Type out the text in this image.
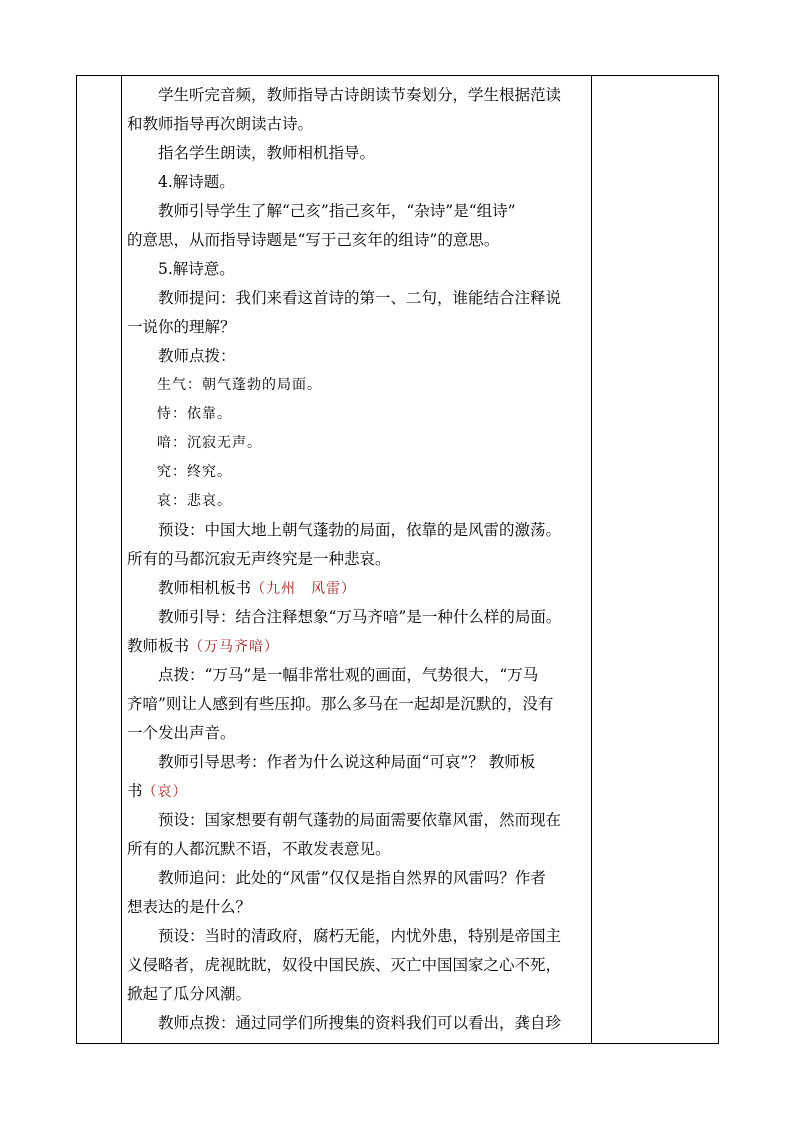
　　学生听完音频，教师指导古诗朗读节奏划分，学生根据范读
和教师指导再次朗读古诗。
　　指名学生朗读，教师相机指导。
　　4.解诗题。
　　教师引导学生了解“己亥”指己亥年，“杂诗”是“组诗”
的意思，从而指导诗题是“写于己亥年的组诗”的意思。
　　5.解诗意。
　　教师提问：我们来看这首诗的第一、二句，谁能结合注释说
一说你的理解？
　　教师点拨：
　　生气：朝气蓬勃的局面。
　　恃：依靠。
　　喑：沉寂无声。
　　究：终究。
　　哀：悲哀。
　　预设：中国大地上朝气蓬勃的局面，依靠的是风雷的激荡。
所有的马都沉寂无声终究是一种悲哀。
　　教师相机板书（九州　风雷）
　　教师引导：结合注释想象“万马齐喑”是一种什么样的局面。
教师板书（万马齐喑）
　　点拨：“万马”是一幅非常壮观的画面，气势很大，“万马
齐喑”则让人感到有些压抑。那么多马在一起却是沉默的，没有
一个发出声音。
　　教师引导思考：作者为什么说这种局面“可哀”？ 教师板
书（哀）
　　预设：国家想要有朝气蓬勃的局面需要依靠风雷，然而现在
所有的人都沉默不语，不敢发表意见。
　　教师追问：此处的“风雷”仅仅是指自然界的风雷吗？作者
想表达的是什么？
　　预设：当时的清政府，腐朽无能，内忧外患，特别是帝国主
义侵略者，虎视眈眈，奴役中国民族、灭亡中国国家之心不死，
掀起了瓜分风潮。
　　教师点拨：通过同学们所搜集的资料我们可以看出，龚自珍
